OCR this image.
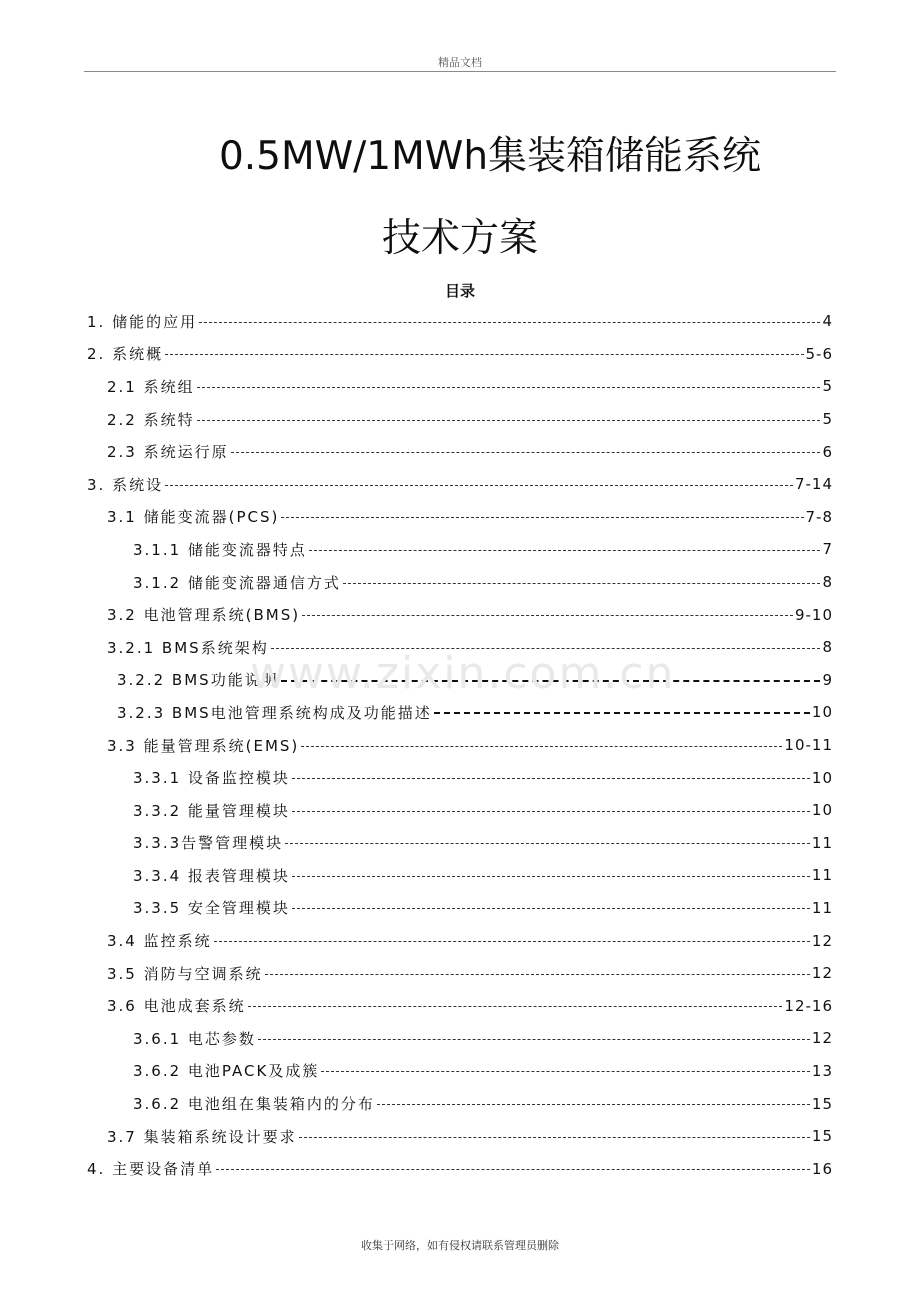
精品文档
0.5MW/1MWh集装箱储能系统
技术方案
目录
1. 储能的应用	4
2. 系统概	5-6
2.1 系统组	5
2.2 系统特	5
2.3 系统运行原	6
3. 系统设	7-14
3.1 储能变流器(PCS)	7-8
3.1.1 储能变流器特点	7
3.1.2 储能变流器通信方式	8
3.2 电池管理系统(BMS)	9-10
3.2.1 BMS系统架构	8
3.2.2 BMS功能说明	9
3.2.3 BMS电池管理系统构成及功能描述	10
3.3 能量管理系统(EMS)	10-11
3.3.1 设备监控模块	10
3.3.2 能量管理模块	10
3.3.3告警管理模块	11
3.3.4 报表管理模块	11
3.3.5 安全管理模块	11
3.4 监控系统	12
3.5 消防与空调系统	12
3.6 电池成套系统	12-16
3.6.1 电芯参数	12
3.6.2 电池PACK及成簇	13
3.6.2 电池组在集装箱内的分布	15
3.7 集装箱系统设计要求	15
4. 主要设备清单	16
www.zixin.com.cn
收集于网络，如有侵权请联系管理员删除
